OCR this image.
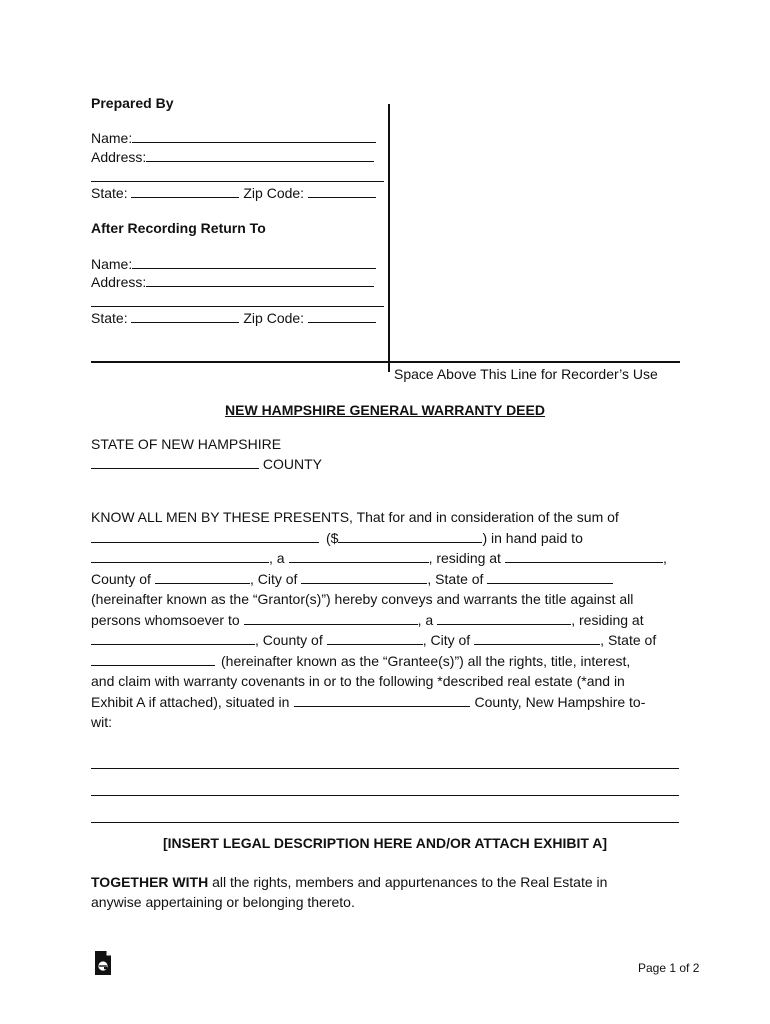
Prepared By
Name:
Address:
State:	Zip Code:
After Recording Return To
Name:
Address:
State:	Zip Code:
Space Above This Line for Recorder’s Use
NEW HAMPSHIRE GENERAL WARRANTY DEED
STATE OF NEW HAMPSHIRE
COUNTY
KNOW ALL MEN BY THESE PRESENTS, That for and in consideration of the sum of
($	) in hand paid to
, a	, residing at	,
County of	, City of	, State of
(hereinafter known as the “Grantor(s)”) hereby conveys and warrants the title against all
persons whomsoever to	, a	, residing at
, County of	, City of	, State of
(hereinafter known as the “Grantee(s)”) all the rights, title, interest,
and claim with warranty covenants in or to the following *described real estate (*and in
Exhibit A if attached), situated in	County, New Hampshire to-
wit:
[INSERT LEGAL DESCRIPTION HERE AND/OR ATTACH EXHIBIT A]
TOGETHER WITH all the rights, members and appurtenances to the Real Estate in
anywise appertaining or belonging thereto.
Page 1 of 2
